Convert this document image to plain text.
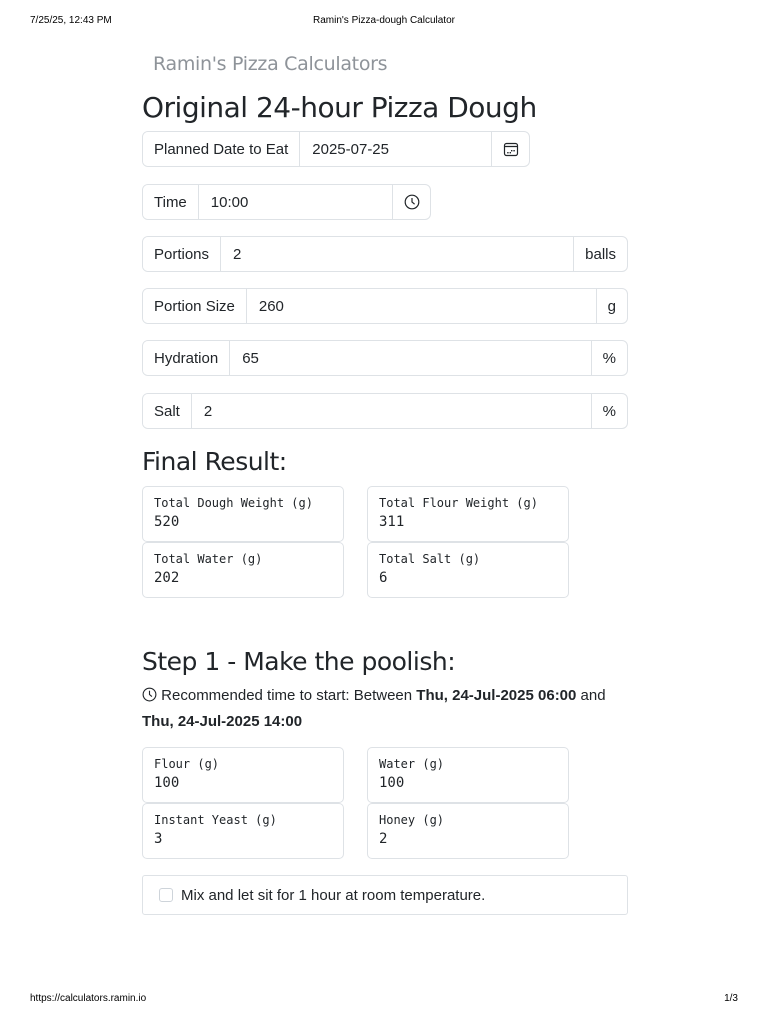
7/25/25, 12:43 PM	Ramin's Pizza-dough Calculator
Ramin's Pizza Calculators
Original 24-hour Pizza Dough
Planned Date to Eat	2025-07-25
Time	10:00
Portions	2	balls
Portion Size	260	g
Hydration	65	%
Salt	2	%
Final Result:
Total Dough Weight (g)
520
Total Flour Weight (g)
311
Total Water (g)
202
Total Salt (g)
6
Step 1 - Make the poolish:
Recommended time to start: Between Thu, 24-Jul-2025 06:00 and Thu, 24-Jul-2025 14:00
Flour (g)
100
Water (g)
100
Instant Yeast (g)
3
Honey (g)
2
Mix and let sit for 1 hour at room temperature.
https://calculators.ramin.io	1/3
